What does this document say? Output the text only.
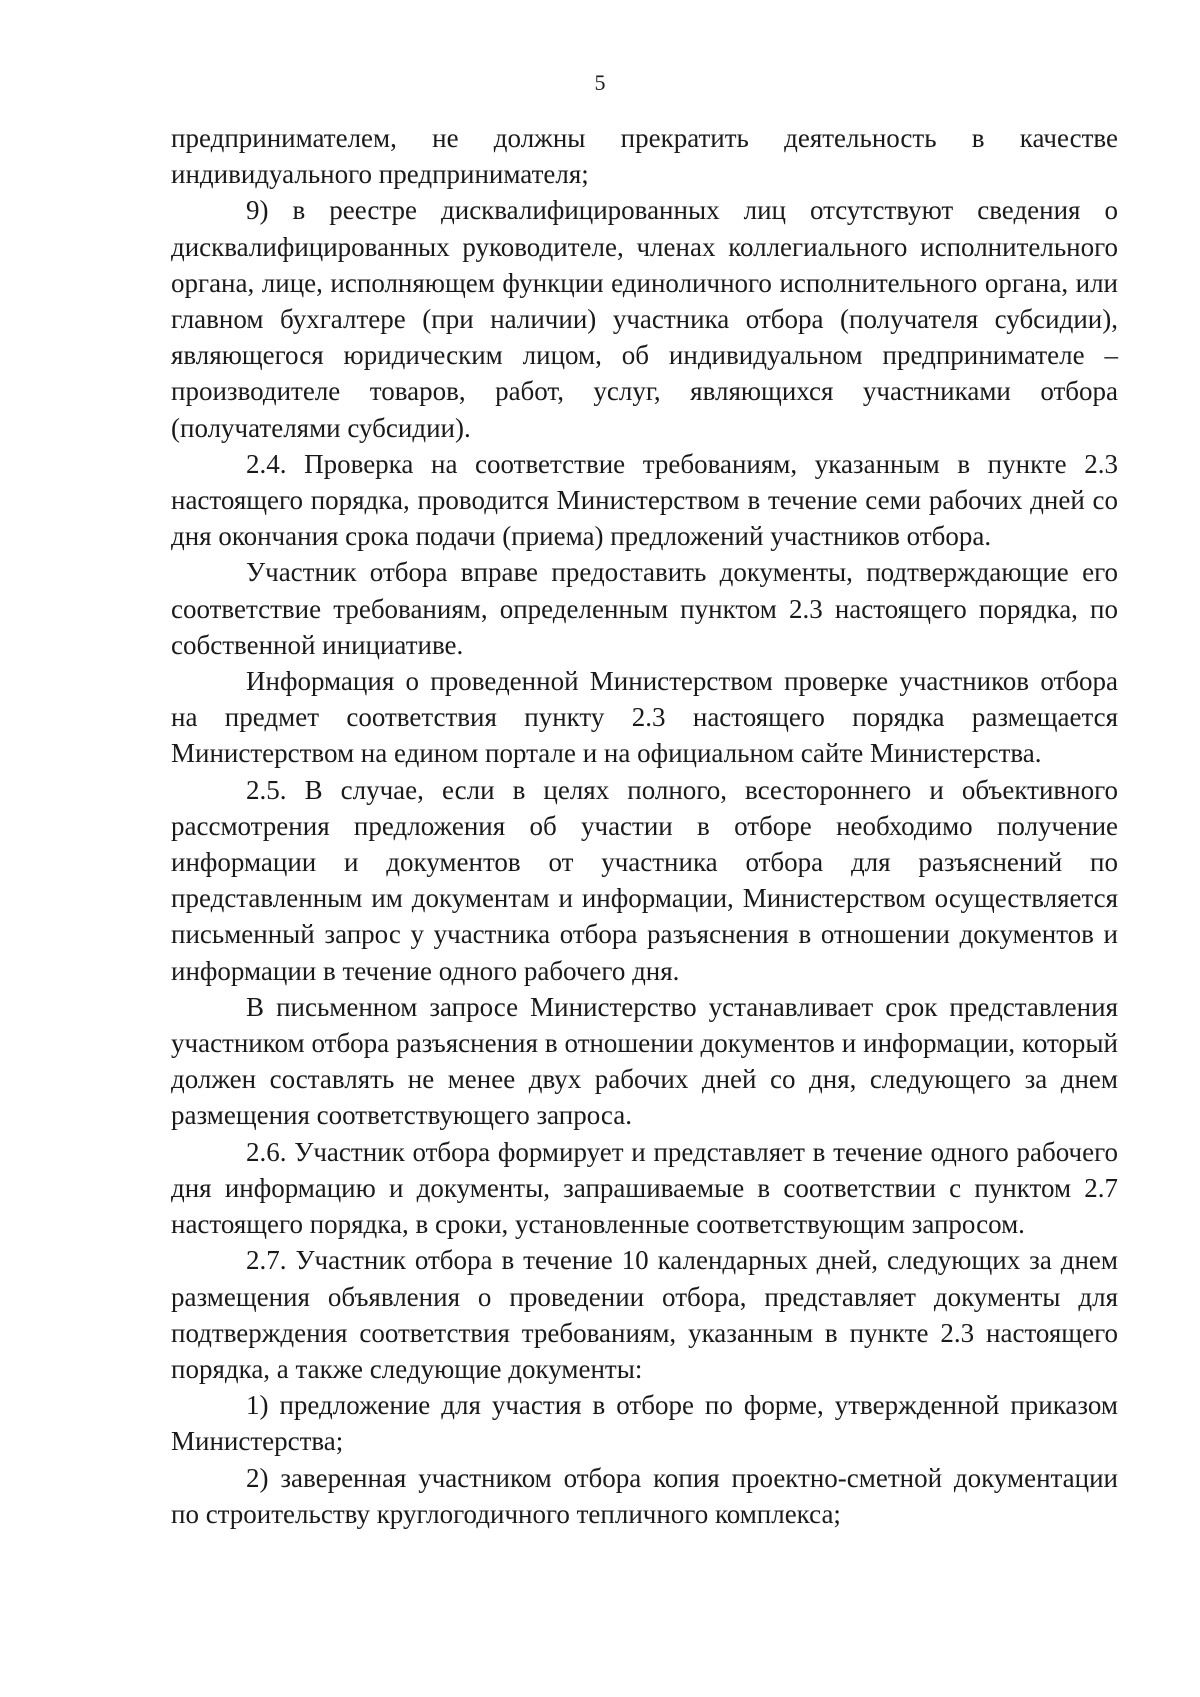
5

предпринимателем, не должны прекратить деятельность в качестве индивидуального предпринимателя;

9) в реестре дисквалифицированных лиц отсутствуют сведения о дисквалифицированных руководителе, членах коллегиального исполнительного органа, лице, исполняющем функции единоличного исполнительного органа, или главном бухгалтере (при наличии) участника отбора (получателя субсидии), являющегося юридическим лицом, об индивидуальном предпринимателе – производителе товаров, работ, услуг, являющихся участниками отбора (получателями субсидии).

2.4. Проверка на соответствие требованиям, указанным в пункте 2.3 настоящего порядка, проводится Министерством в течение семи рабочих дней со дня окончания срока подачи (приема) предложений участников отбора.

Участник отбора вправе предоставить документы, подтверждающие его соответствие требованиям, определенным пунктом 2.3 настоящего порядка, по собственной инициативе.

Информация о проведенной Министерством проверке участников отбора на предмет соответствия пункту 2.3 настоящего порядка размещается Министерством на едином портале и на официальном сайте Министерства.

2.5. В случае, если в целях полного, всестороннего и объективного рассмотрения предложения об участии в отборе необходимо получение информации и документов от участника отбора для разъяснений по представленным им документам и информации, Министерством осуществляется письменный запрос у участника отбора разъяснения в отношении документов и информации в течение одного рабочего дня.

В письменном запросе Министерство устанавливает срок представления участником отбора разъяснения в отношении документов и информации, который должен составлять не менее двух рабочих дней со дня, следующего за днем размещения соответствующего запроса.

2.6. Участник отбора формирует и представляет в течение одного рабочего дня информацию и документы, запрашиваемые в соответствии с пунктом 2.7 настоящего порядка, в сроки, установленные соответствующим запросом.

2.7. Участник отбора в течение 10 календарных дней, следующих за днем размещения объявления о проведении отбора, представляет документы для подтверждения соответствия требованиям, указанным в пункте 2.3 настоящего порядка, а также следующие документы:

1) предложение для участия в отборе по форме, утвержденной приказом Министерства;

2) заверенная участником отбора копия проектно-сметной документации по строительству круглогодичного тепличного комплекса;
